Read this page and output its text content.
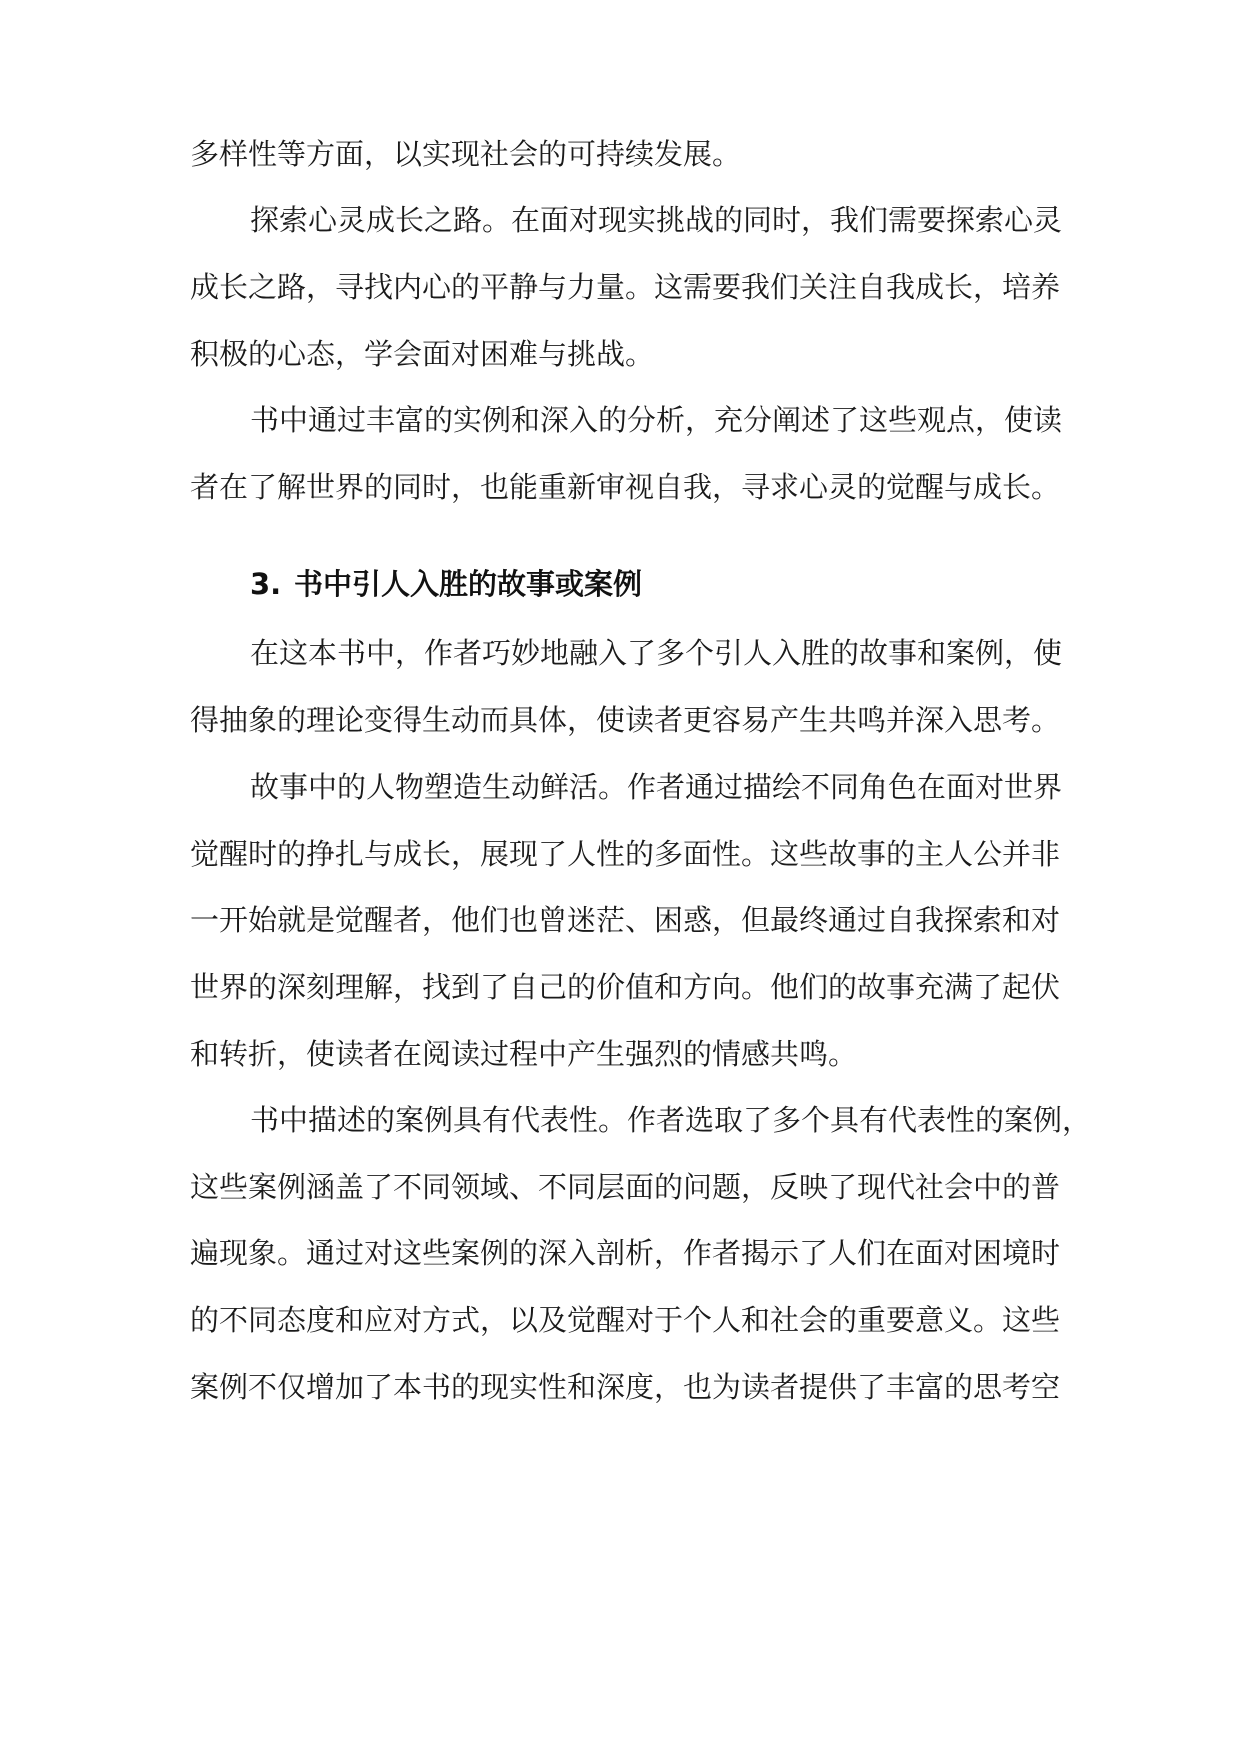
多样性等方面，以实现社会的可持续发展。
探索心灵成长之路。在面对现实挑战的同时，我们需要探索心灵
成长之路，寻找内心的平静与力量。这需要我们关注自我成长，培养
积极的心态，学会面对困难与挑战。
书中通过丰富的实例和深入的分析，充分阐述了这些观点，使读
者在了解世界的同时，也能重新审视自我，寻求心灵的觉醒与成长。
3. 书中引人入胜的故事或案例
在这本书中，作者巧妙地融入了多个引人入胜的故事和案例，使
得抽象的理论变得生动而具体，使读者更容易产生共鸣并深入思考。
故事中的人物塑造生动鲜活。作者通过描绘不同角色在面对世界
觉醒时的挣扎与成长，展现了人性的多面性。这些故事的主人公并非
一开始就是觉醒者，他们也曾迷茫、困惑，但最终通过自我探索和对
世界的深刻理解，找到了自己的价值和方向。他们的故事充满了起伏
和转折，使读者在阅读过程中产生强烈的情感共鸣。
书中描述的案例具有代表性。作者选取了多个具有代表性的案例，
这些案例涵盖了不同领域、不同层面的问题，反映了现代社会中的普
遍现象。通过对这些案例的深入剖析，作者揭示了人们在面对困境时
的不同态度和应对方式，以及觉醒对于个人和社会的重要意义。这些
案例不仅增加了本书的现实性和深度，也为读者提供了丰富的思考空
